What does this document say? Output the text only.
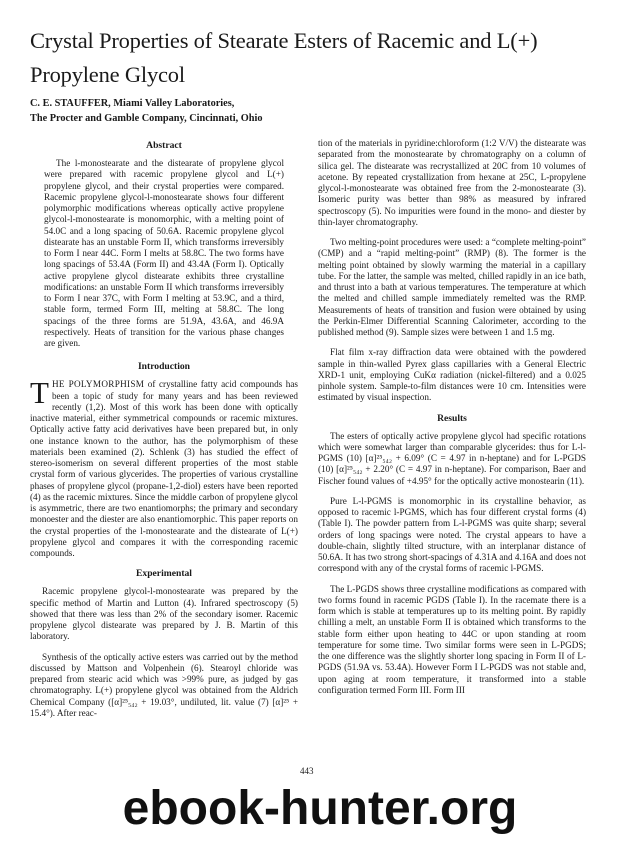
Crystal Properties of Stearate Esters of Racemic and L(+) Propylene Glycol
C. E. STAUFFER, Miami Valley Laboratories,
The Procter and Gamble Company, Cincinnati, Ohio
Abstract

The l-monostearate and the distearate of propylene glycol were prepared with racemic propylene glycol and L(+) propylene glycol, and their crystal properties were compared. Racemic propylene glycol-l-monostearate shows four different polymorphic modifications whereas optically active propylene glycol-l-monostearate is monomorphic, with a melting point of 54.0C and a long spacing of 50.6A. Racemic propylene glycol distearate has an unstable Form II, which transforms irreversibly to Form I near 44C. Form I melts at 58.8C. The two forms have long spacings of 53.4A (Form II) and 43.4A (Form I). Optically active propylene glycol distearate exhibits three crystalline modifications: an unstable Form II which transforms irreversibly to Form I near 37C, with Form I melting at 53.9C, and a third, stable form, termed Form III, melting at 58.8C. The long spacings of the three forms are 51.9A, 43.6A, and 46.9A respectively. Heats of transition for the various phase changes are given.

Introduction

THE POLYMORPHISM of crystalline fatty acid compounds has been a topic of study for many years and has been reviewed recently (1,2). Most of this work has been done with optically inactive material, either symmetrical compounds or racemic mixtures. Optically active fatty acid derivatives have been prepared but, in only one instance known to the author, has the polymorphism of these materials been examined (2). Schlenk (3) has studied the effect of stereo-isomerism on several different properties of the most stable crystal form of various glycerides. The properties of various crystalline phases of propylene glycol (propane-1,2-diol) esters have been reported (4) as the racemic mixtures. Since the middle carbon of propylene glycol is asymmetric, there are two enantiomorphs; the primary and secondary monoester and the diester are also enantiomorphic. This paper reports on the crystal properties of the l-monostearate and the distearate of L(+) propylene glycol and compares it with the corresponding racemic compounds.

Experimental

Racemic propylene glycol-l-monostearate was prepared by the specific method of Martin and Lutton (4). Infrared spectroscopy (5) showed that there was less than 2% of the secondary isomer. Racemic propylene glycol distearate was prepared by J. B. Martin of this laboratory.

Synthesis of the optically active esters was carried out by the method discussed by Mattson and Volpenhein (6). Stearoyl chloride was prepared from stearic acid which was >99% pure, as judged by gas chromatography. L(+) propylene glycol was obtained from the Aldrich Chemical Company ([α]²⁵₅₄₂ + 19.03°, undiluted, lit. value (7) [α]²⁵ + 15.4°). After reac-

tion of the materials in pyridine:chloroform (1:2 V/V) the distearate was separated from the monostearate by chromatography on a column of silica gel. The distearate was recrystallized at 20C from 10 volumes of acetone. By repeated crystallization from hexane at 25C, L-propylene glycol-l-monostearate was obtained free from the 2-monostearate (3). Isomeric purity was better than 98% as measured by infrared spectroscopy (5). No impurities were found in the mono- and diester by thin-layer chromatography.

Two melting-point procedures were used: a “complete melting-point” (CMP) and a “rapid melting-point” (RMP) (8). The former is the melting point obtained by slowly warming the material in a capillary tube. For the latter, the sample was melted, chilled rapidly in an ice bath, and thrust into a bath at various temperatures. The temperature at which the melted and chilled sample immediately remelted was the RMP. Measurements of heats of transition and fusion were obtained by using the Perkin-Elmer Differential Scanning Calorimeter, according to the published method (9). Sample sizes were between 1 and 1.5 mg.

Flat film x-ray diffraction data were obtained with the powdered sample in thin-walled Pyrex glass capillaries with a General Electric XRD-1 unit, employing CuKα radiation (nickel-filtered) and a 0.025 pinhole system. Sample-to-film distances were 10 cm. Intensities were estimated by visual inspection.

Results

The esters of optically active propylene glycol had specific rotations which were somewhat larger than comparable glycerides: thus for L-l-PGMS (10) [α]²⁵₅₄₂ + 6.09° (C = 4.97 in n-heptane) and for L-PGDS (10) [α]²⁵₅₄₂ + 2.20° (C = 4.97 in n-heptane). For comparison, Baer and Fischer found values of +4.95° for the optically active monostearin (11).

Pure L-l-PGMS is monomorphic in its crystalline behavior, as opposed to racemic l-PGMS, which has four different crystal forms (4) (Table I). The powder pattern from L-l-PGMS was quite sharp; several orders of long spacings were noted. The crystal appears to have a double-chain, slightly tilted structure, with an interplanar distance of 50.6A. It has two strong short-spacings of 4.31A and 4.16A and does not correspond with any of the crystal forms of racemic l-PGMS.

The L-PGDS shows three crystalline modifications as compared with two forms found in racemic PGDS (Table I). In the racemate there is a form which is stable at temperatures up to its melting point. By rapidly chilling a melt, an unstable Form II is obtained which transforms to the stable form either upon heating to 44C or upon standing at room temperature for some time. Two similar forms were seen in L-PGDS; the one difference was the slightly shorter long spacing in Form II of L-PGDS (51.9A vs. 53.4A). However Form I L-PGDS was not stable and, upon aging at room temperature, it transformed into a stable configuration termed Form III. Form III

443
ebook-hunter.org
